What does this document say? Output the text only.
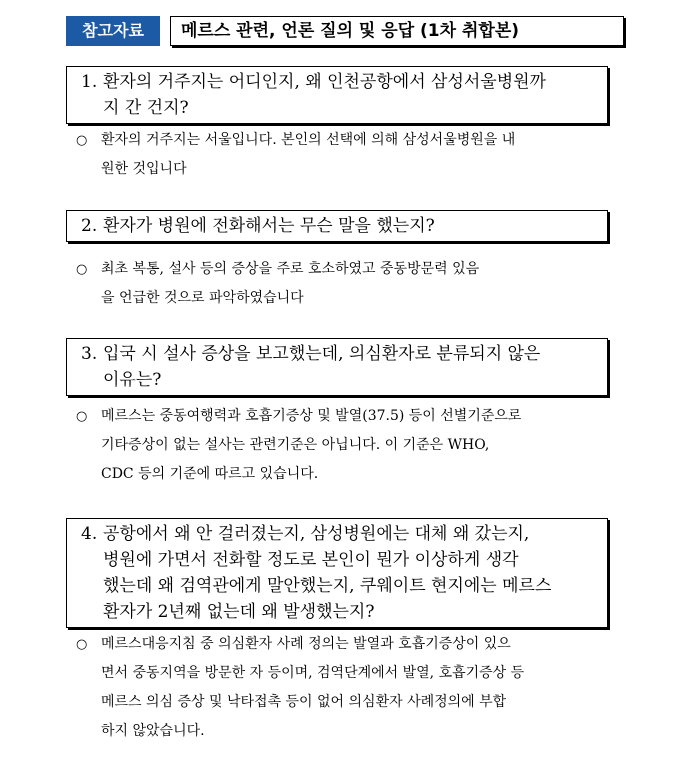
참고자료	메르스 관련, 언론 질의 및 응답 (1차 취합본)
1. 환자의 거주지는 어디인지, 왜 인천공항에서 삼성서울병원까
지 간 건지?
○ 환자의 거주지는 서울입니다. 본인의 선택에 의해 삼성서울병원을 내
원한 것입니다
2. 환자가 병원에 전화해서는 무슨 말을 했는지?
○ 최초 복통, 설사 등의 증상을 주로 호소하였고 중동방문력 있음
을 언급한 것으로 파악하였습니다
3. 입국 시 설사 증상을 보고했는데, 의심환자로 분류되지 않은
이유는?
○ 메르스는 중동여행력과 호흡기증상 및 발열(37.5) 등이 선별기준으로
기타증상이 없는 설사는 관련기준은 아닙니다. 이 기준은 WHO,
CDC 등의 기준에 따르고 있습니다.
4. 공항에서 왜 안 걸러졌는지, 삼성병원에는 대체 왜 갔는지,
병원에 가면서 전화할 정도로 본인이 뭔가 이상하게 생각
했는데 왜 검역관에게 말안했는지, 쿠웨이트 현지에는 메르스
환자가 2년째 없는데 왜 발생했는지?
○ 메르스대응지침 중 의심환자 사례 정의는 발열과 호흡기증상이 있으
면서 중동지역을 방문한 자 등이며, 검역단계에서 발열, 호흡기증상 등
메르스 의심 증상 및 낙타접촉 등이 없어 의심환자 사례정의에 부합
하지 않았습니다.
